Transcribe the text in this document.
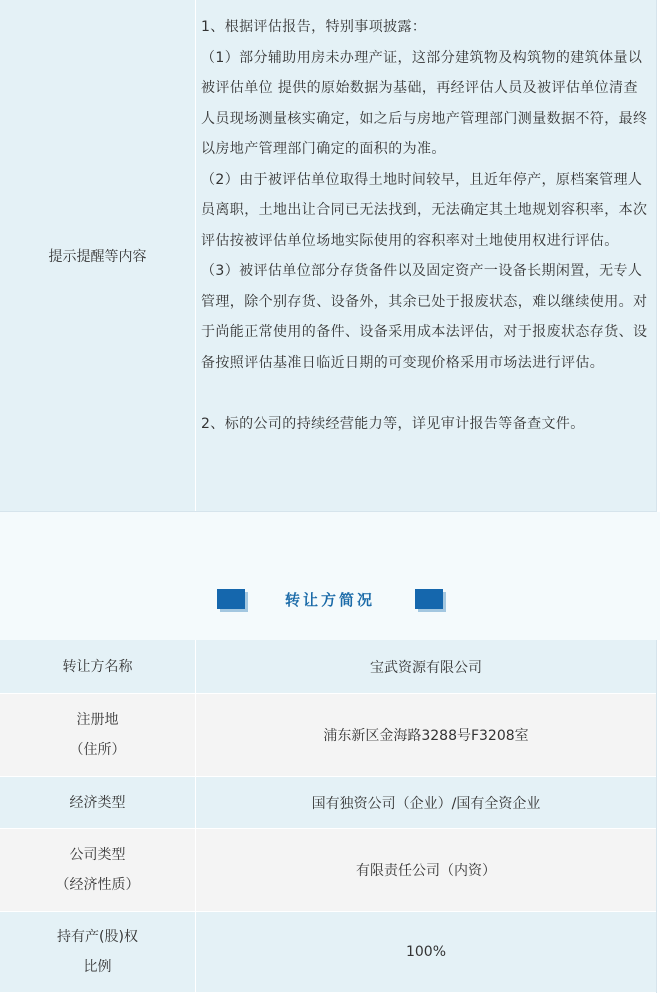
提示提醒等内容

1、根据评估报告，特别事项披露：

（1）部分辅助用房未办理产证，这部分建筑物及构筑物的建筑体量以被评估单位 提供的原始数据为基础，再经评估人员及被评估单位清查人员现场测量核实确定，如之后与房地产管理部门测量数据不符，最终以房地产管理部门确定的面积的为准。

（2）由于被评估单位取得土地时间较早，且近年停产，原档案管理人员离职，土地出让合同已无法找到，无法确定其土地规划容积率，本次评估按被评估单位场地实际使用的容积率对土地使用权进行评估。

（3）被评估单位部分存货备件以及固定资产一设备长期闲置，无专人管理，除个别存货、设备外，其余已处于报废状态，难以继续使用。对于尚能正常使用的备件、设备采用成本法评估，对于报废状态存货、设备按照评估基准日临近日期的可变现价格采用市场法进行评估。

2、标的公司的持续经营能力等，详见审计报告等备查文件。

转让方简况
转让方名称	宝武资源有限公司
注册地
（住所）
浦东新区金海路3288号F3208室
经济类型	国有独资公司（企业）/国有全资企业
公司类型
（经济性质）
有限责任公司（内资）
持有产(股)权
比例
100%
